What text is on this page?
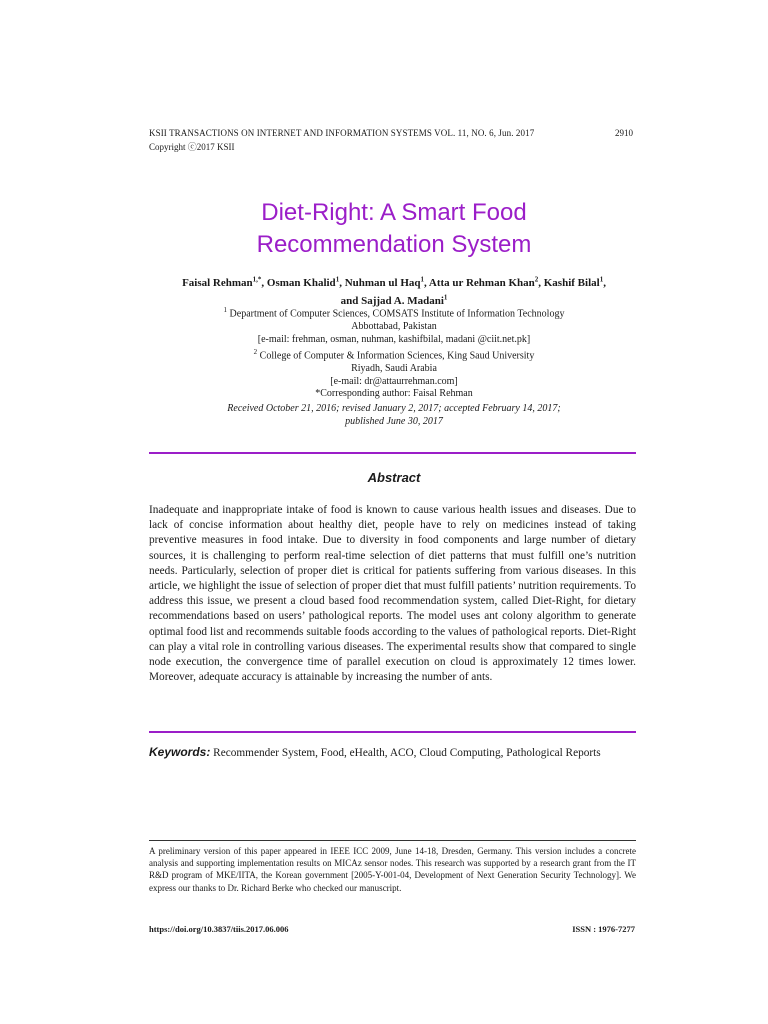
KSII TRANSACTIONS ON INTERNET AND INFORMATION SYSTEMS VOL. 11, NO. 6, Jun. 2017	2910
Copyright ⓒ2017 KSII
Diet-Right: A Smart Food
Recommendation System
Faisal Rehman$^{1,*}$, Osman Khalid$^1$, Nuhman ul Haq$^1$, Atta ur Rehman Khan$^2$, Kashif Bilal$^1$,
and Sajjad A. Madani$^1$
$^1$ Department of Computer Sciences, COMSATS Institute of Information Technology
Abbottabad, Pakistan
[e-mail: frehman, osman, nuhman, kashifbilal, madani @ciit.net.pk]
$^2$ College of Computer & Information Sciences, King Saud University
Riyadh, Saudi Arabia
[e-mail: dr@attaurrehman.com]
*Corresponding author: Faisal Rehman
Received October 21, 2016; revised January 2, 2017; accepted February 14, 2017;
published June 30, 2017
Abstract
Inadequate and inappropriate intake of food is known to cause various health issues and diseases. Due to lack of concise information about healthy diet, people have to rely on medicines instead of taking preventive measures in food intake. Due to diversity in food components and large number of dietary sources, it is challenging to perform real-time selection of diet patterns that must fulfill one’s nutrition needs. Particularly, selection of proper diet is critical for patients suffering from various diseases. In this article, we highlight the issue of selection of proper diet that must fulfill patients’ nutrition requirements. To address this issue, we present a cloud based food recommendation system, called Diet-Right, for dietary recommendations based on users’ pathological reports. The model uses ant colony algorithm to generate optimal food list and recommends suitable foods according to the values of pathological reports. Diet-Right can play a vital role in controlling various diseases. The experimental results show that compared to single node execution, the convergence time of parallel execution on cloud is approximately 12 times lower. Moreover, adequate accuracy is attainable by increasing the number of ants.
Keywords: Recommender System, Food, eHealth, ACO, Cloud Computing, Pathological Reports
A preliminary version of this paper appeared in IEEE ICC 2009, June 14-18, Dresden, Germany. This version includes a concrete analysis and supporting implementation results on MICAz sensor nodes. This research was supported by a research grant from the IT R&D program of MKE/IITA, the Korean government [2005-Y-001-04, Development of Next Generation Security Technology]. We express our thanks to Dr. Richard Berke who checked our manuscript.
https://doi.org/10.3837/tiis.2017.06.006	ISSN : 1976-7277
